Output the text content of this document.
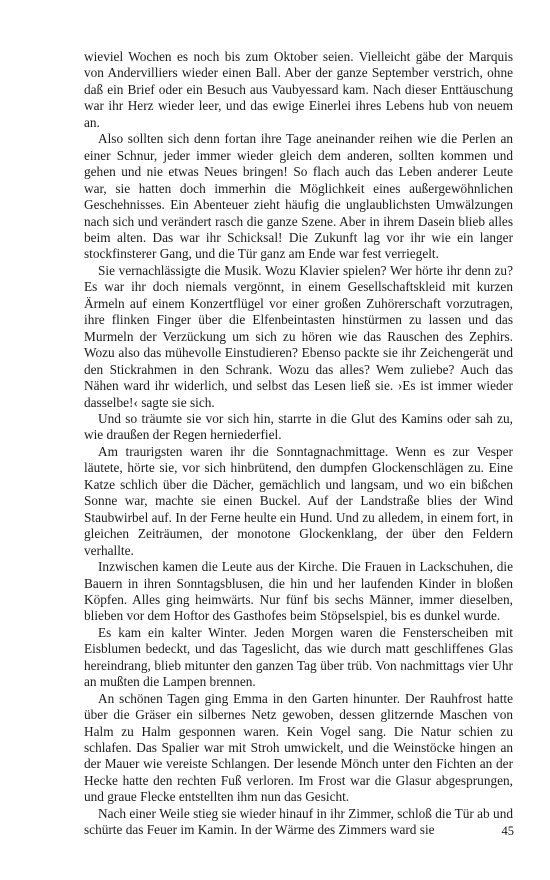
wieviel Wochen es noch bis zum Oktober seien. Vielleicht gäbe der Marquis von Andervilliers wieder einen Ball. Aber der ganze September verstrich, ohne daß ein Brief oder ein Besuch aus Vaubyessard kam. Nach dieser Enttäuschung war ihr Herz wieder leer, und das ewige Einerlei ihres Lebens hub von neuem an.

Also sollten sich denn fortan ihre Tage aneinander reihen wie die Perlen an einer Schnur, jeder immer wieder gleich dem anderen, sollten kommen und gehen und nie etwas Neues bringen! So flach auch das Leben anderer Leute war, sie hatten doch immerhin die Möglichkeit eines außergewöhnlichen Geschehnisses. Ein Abenteuer zieht häufig die unglaublichsten Umwälzungen nach sich und verändert rasch die ganze Szene. Aber in ihrem Dasein blieb alles beim alten. Das war ihr Schicksal! Die Zukunft lag vor ihr wie ein langer stockfinsterer Gang, und die Tür ganz am Ende war fest verriegelt.

Sie vernachlässigte die Musik. Wozu Klavier spielen? Wer hörte ihr denn zu? Es war ihr doch niemals vergönnt, in einem Gesellschaftskleid mit kurzen Ärmeln auf einem Konzertflügel vor einer großen Zuhörerschaft vorzutragen, ihre flinken Finger über die Elfenbeintasten hinstürmen zu lassen und das Murmeln der Verzückung um sich zu hören wie das Rauschen des Zephirs. Wozu also das mühevolle Einstudieren? Ebenso packte sie ihr Zeichengerät und den Stickrahmen in den Schrank. Wozu das alles? Wem zuliebe? Auch das Nähen ward ihr widerlich, und selbst das Lesen ließ sie. ›Es ist immer wieder dasselbe!‹ sagte sie sich.

Und so träumte sie vor sich hin, starrte in die Glut des Kamins oder sah zu, wie draußen der Regen herniederfiel.

Am traurigsten waren ihr die Sonntagnachmittage. Wenn es zur Vesper läutete, hörte sie, vor sich hinbrütend, den dumpfen Glockenschlägen zu. Eine Katze schlich über die Dächer, gemächlich und langsam, und wo ein bißchen Sonne war, machte sie einen Buckel. Auf der Landstraße blies der Wind Staubwirbel auf. In der Ferne heulte ein Hund. Und zu alledem, in einem fort, in gleichen Zeiträumen, der monotone Glockenklang, der über den Feldern verhallte.

Inzwischen kamen die Leute aus der Kirche. Die Frauen in Lackschuhen, die Bauern in ihren Sonntagsblusen, die hin und her laufenden Kinder in bloßen Köpfen. Alles ging heimwärts. Nur fünf bis sechs Männer, immer dieselben, blieben vor dem Hoftor des Gasthofes beim Stöpselspiel, bis es dunkel wurde.

Es kam ein kalter Winter. Jeden Morgen waren die Fensterscheiben mit Eisblumen bedeckt, und das Tageslicht, das wie durch matt geschliffenes Glas hereindrang, blieb mitunter den ganzen Tag über trüb. Von nachmittags vier Uhr an mußten die Lampen brennen.

An schönen Tagen ging Emma in den Garten hinunter. Der Rauhfrost hatte über die Gräser ein silbernes Netz gewoben, dessen glitzernde Maschen von Halm zu Halm gesponnen waren. Kein Vogel sang. Die Natur schien zu schlafen. Das Spalier war mit Stroh umwickelt, und die Weinstöcke hingen an der Mauer wie vereiste Schlangen. Der lesende Mönch unter den Fichten an der Hecke hatte den rechten Fuß verloren. Im Frost war die Glasur abgesprungen, und graue Flecke entstellten ihm nun das Gesicht.

Nach einer Weile stieg sie wieder hinauf in ihr Zimmer, schloß die Tür ab und schürte das Feuer im Kamin. In der Wärme des Zimmers ward sie	45
